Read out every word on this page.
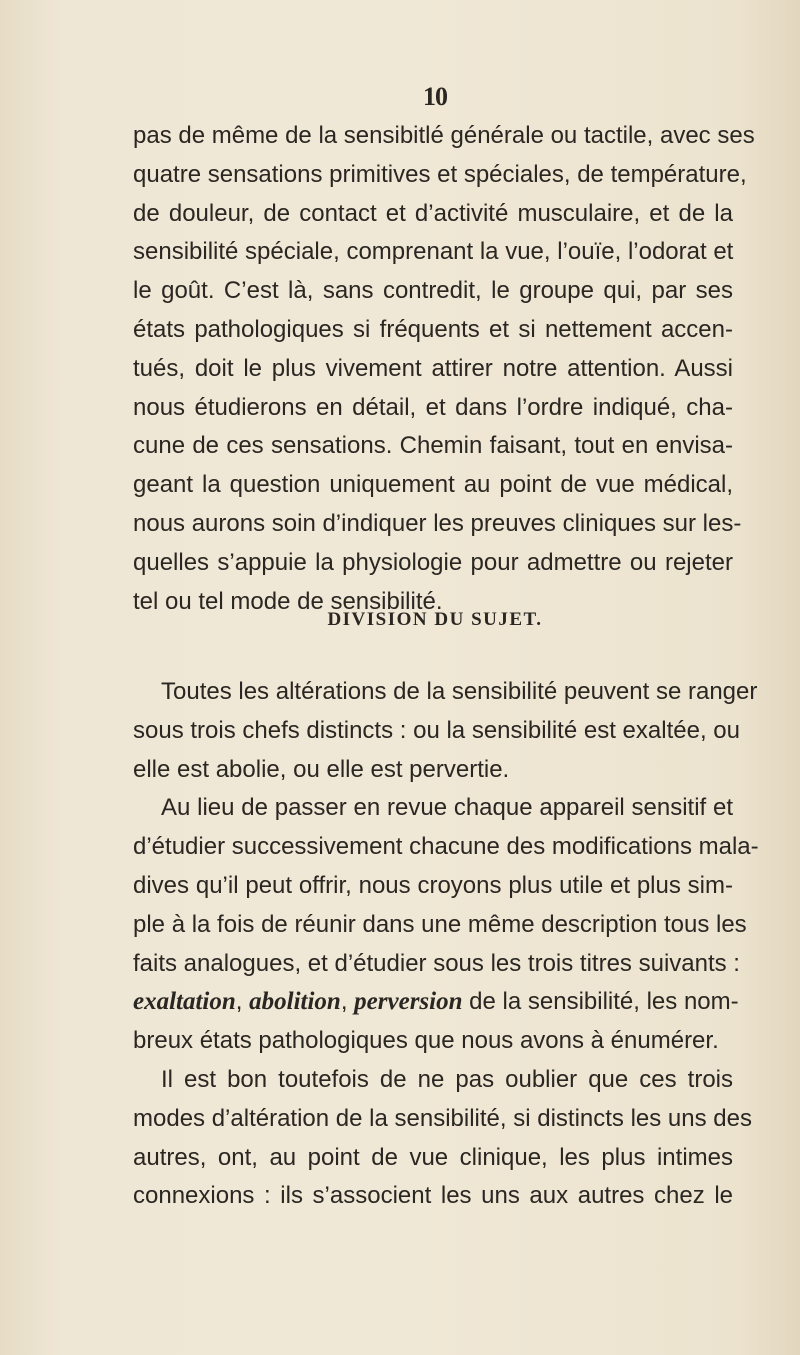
10
pas de même de la sensibitlé générale ou tactile, avec ses
quatre sensations primitives et spéciales, de température,
de douleur, de contact et d’activité musculaire, et de la
sensibilité spéciale, comprenant la vue, l’ouïe, l’odorat et
le goût. C’est là, sans contredit, le groupe qui, par ses
états pathologiques si fréquents et si nettement accen-
tués, doit le plus vivement attirer notre attention. Aussi
nous étudierons en détail, et dans l’ordre indiqué, cha-
cune de ces sensations. Chemin faisant, tout en envisa-
geant la question uniquement au point de vue médical,
nous aurons soin d’indiquer les preuves cliniques sur les-
quelles s’appuie la physiologie pour admettre ou rejeter
tel ou tel mode de sensibilité.
DIVISION DU SUJET.
Toutes les altérations de la sensibilité peuvent se ranger
sous trois chefs distincts : ou la sensibilité est exaltée, ou
elle est abolie, ou elle est pervertie.
Au lieu de passer en revue chaque appareil sensitif et
d’étudier successivement chacune des modifications mala-
dives qu’il peut offrir, nous croyons plus utile et plus sim-
ple à la fois de réunir dans une même description tous les
faits analogues, et d’étudier sous les trois titres suivants :
exaltation, abolition, perversion de la sensibilité, les nom-
breux états pathologiques que nous avons à énumérer.
Il est bon toutefois de ne pas oublier que ces trois
modes d’altération de la sensibilité, si distincts les uns des
autres, ont, au point de vue clinique, les plus intimes
connexions : ils s’associent les uns aux autres chez le
